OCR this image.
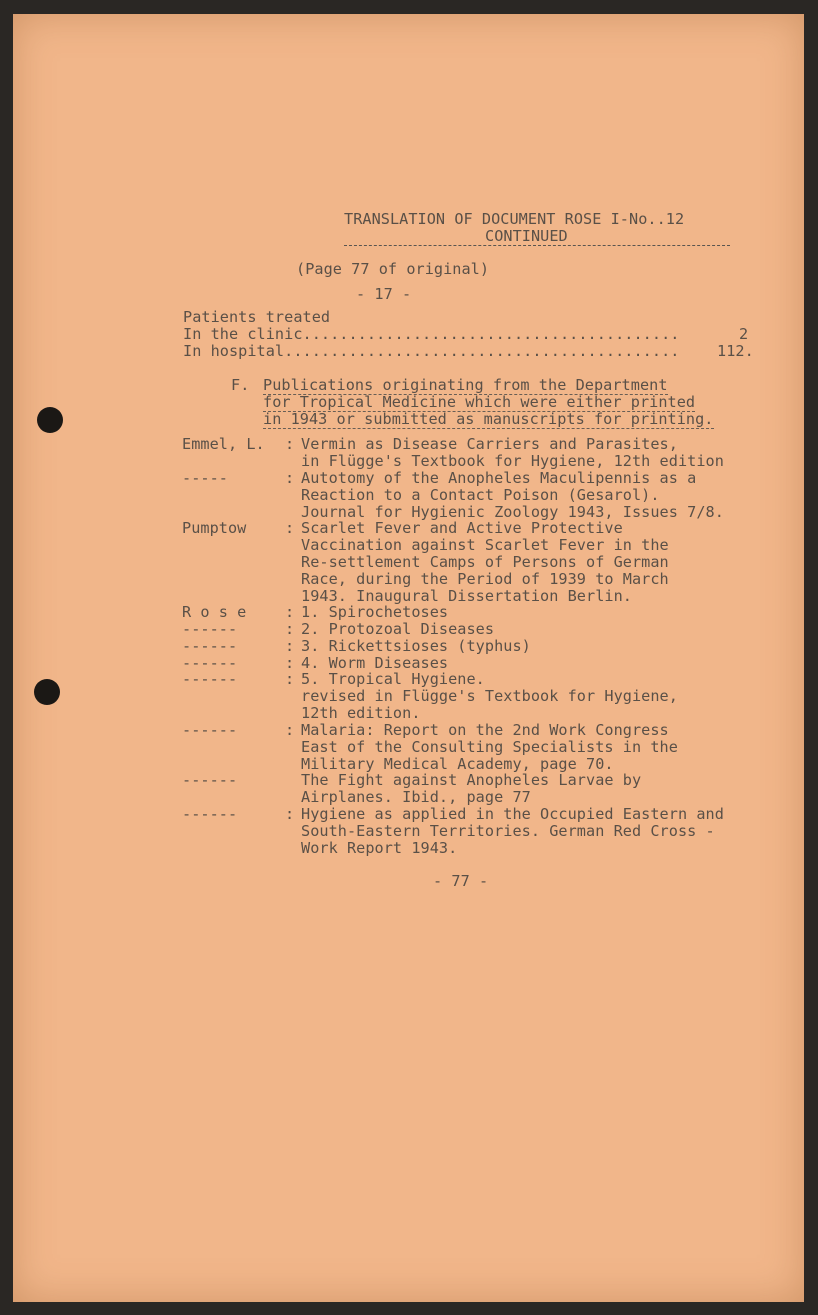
TRANSLATION OF DOCUMENT ROSE I-No..12
CONTINUED
(Page 77 of original)
- 17 -
Patients treated
In the clinic.........................................	2
In hospital........................................... 112.
F. Publications originating from the Department
for Tropical Medicine which were either printed
in 1943 or submitted as manuscripts for printing.
Emmel, L. : Vermin as Disease Carriers and Parasites,
in Flügge's Textbook for Hygiene, 12th edition
-----	: Autotomy of the Anopheles Maculipennis as a
Reaction to a Contact Poison (Gesarol).
Journal for Hygienic Zoology 1943, Issues 7/8.
Pumptow	: Scarlet Fever and Active Protective
Vaccination against Scarlet Fever in the
Re-settlement Camps of Persons of German
Race, during the Period of 1939 to March
1943. Inaugural Dissertation Berlin.
R o s e	: 1. Spirochetoses
------	: 2. Protozoal Diseases
------	: 3. Rickettsioses (typhus)
------	: 4. Worm Diseases
------	: 5. Tropical Hygiene.
revised in Flügge's Textbook for Hygiene,
12th edition.
------	: Malaria: Report on the 2nd Work Congress
East of the Consulting Specialists in the
Military Medical Academy, page 70.
------	The Fight against Anopheles Larvae by
Airplanes. Ibid., page 77
------	: Hygiene as applied in the Occupied Eastern and
South-Eastern Territories. German Red Cross -
Work Report 1943.
- 77 -
